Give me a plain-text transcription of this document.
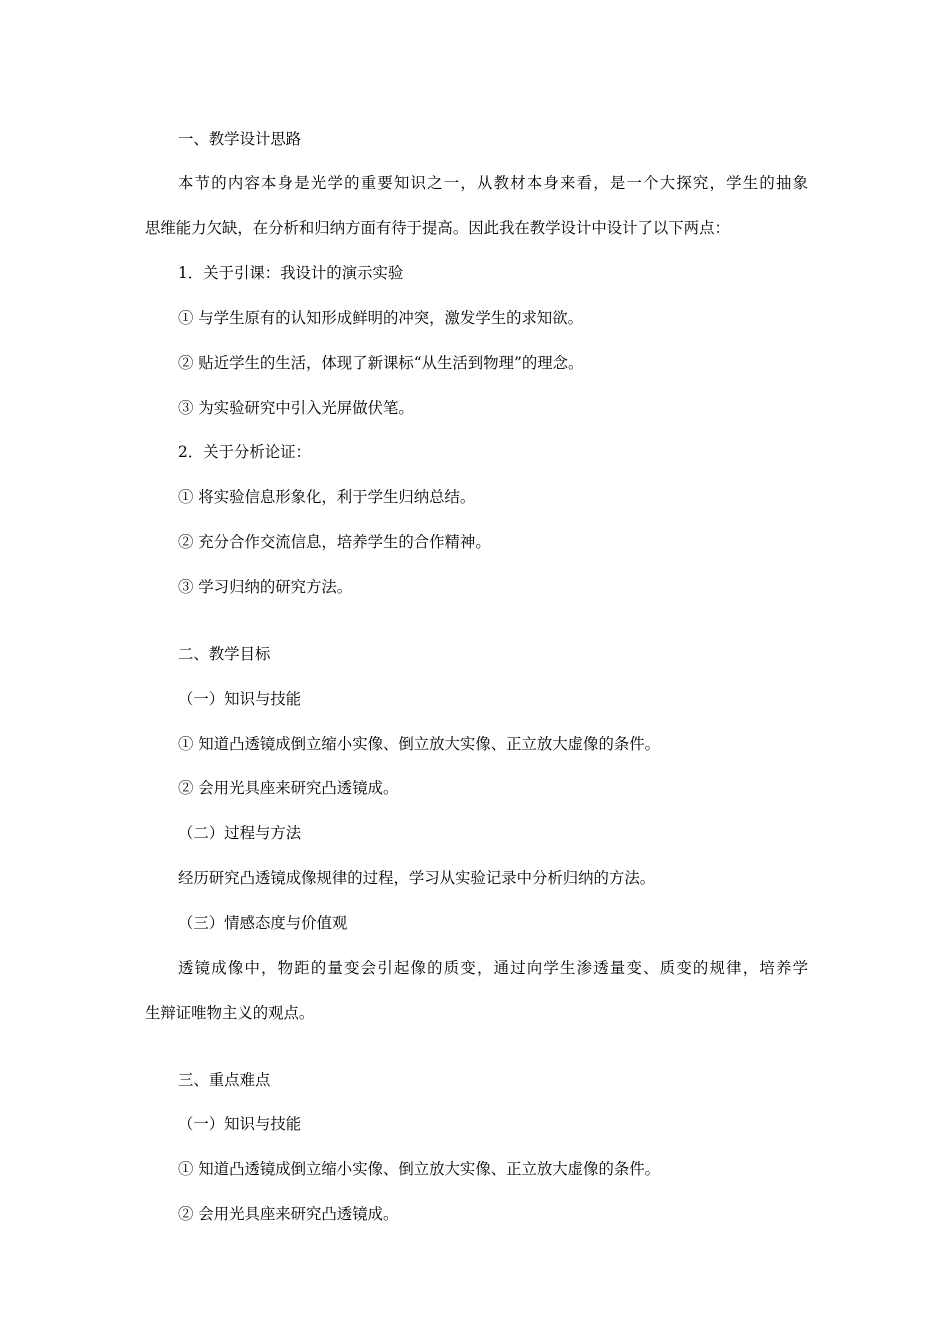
一、教学设计思路
本节的内容本身是光学的重要知识之一，从教材本身来看，是一个大探究，学生的抽象
思维能力欠缺，在分析和归纳方面有待于提高。因此我在教学设计中设计了以下两点：
1．关于引课：我设计的演示实验
① 与学生原有的认知形成鲜明的冲突，激发学生的求知欲。
② 贴近学生的生活，体现了新课标“从生活到物理”的理念。
③ 为实验研究中引入光屏做伏笔。
2．关于分析论证：
① 将实验信息形象化，利于学生归纳总结。
② 充分合作交流信息，培养学生的合作精神。
③ 学习归纳的研究方法。
二、教学目标
（一）知识与技能
① 知道凸透镜成倒立缩小实像、倒立放大实像、正立放大虚像的条件。
② 会用光具座来研究凸透镜成。
（二）过程与方法
经历研究凸透镜成像规律的过程，学习从实验记录中分析归纳的方法。
（三）情感态度与价值观
透镜成像中，物距的量变会引起像的质变，通过向学生渗透量变、质变的规律，培养学
生辩证唯物主义的观点。
三、重点难点
（一）知识与技能
① 知道凸透镜成倒立缩小实像、倒立放大实像、正立放大虚像的条件。
② 会用光具座来研究凸透镜成。
